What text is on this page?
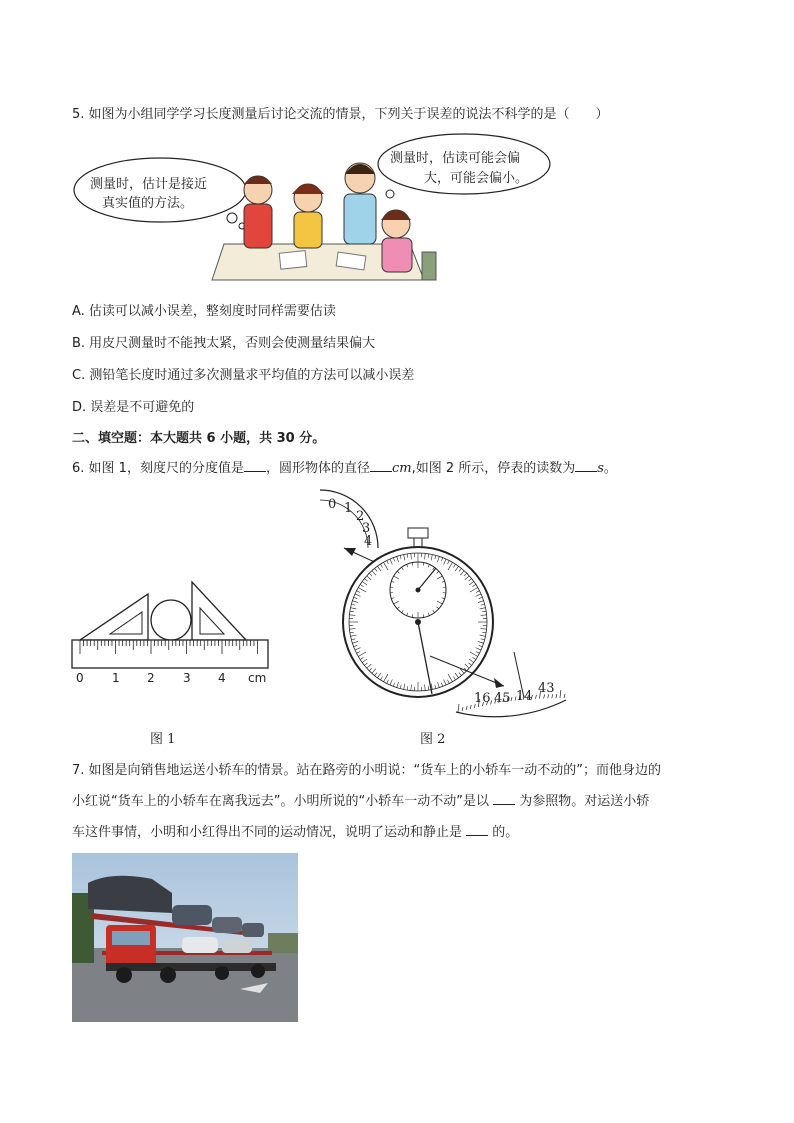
5. 如图为小组同学学习长度测量后讨论交流的情景，下列关于误差的说法不科学的是（　　）
测量时，估计是接近
真实值的方法。
测量时，估读可能会偏
大，可能会偏小。
A. 估读可以减小误差，整刻度时同样需要估读
B. 用皮尺测量时不能拽太紧，否则会使测量结果偏大
C. 测铅笔长度时通过多次测量求平均值的方法可以减小误差
D. 误差是不可避免的
二、填空题：本大题共 6 小题，共 30 分。
6. 如图 1，刻度尺的分度值是 ，圆形物体的直径 cm,如图 2 所示，停表的读数为 s。
0 1 2 3 4 cm
0 1
2
3
4
16 45 14
43
图 1	图 2
7. 如图是向销售地运送小轿车的情景。站在路旁的小明说：“货车上的小轿车一动不动的”；而他身边的
小红说“货车上的小轿车在离我远去”。小明所说的“小轿车一动不动”是以 为参照物。对运送小轿
车这件事情，小明和小红得出不同的运动情况，说明了运动和静止是 的。
